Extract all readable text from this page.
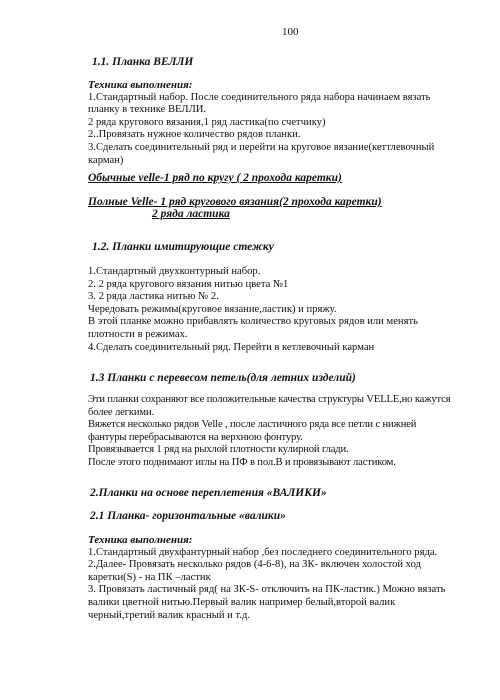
100
1.1. Планка ВЕЛЛИ
Техника выполнения:
1.Стандартный набор. После соединительного ряда набора начинаем вязать
планку в технике ВЕЛЛИ.
2 ряда кругового вязания,1 ряд ластика(по счетчику)
2..Провязать нужное количество рядов планки.
3.Сделать соединительный ряд и перейти на круговое вязание(кеттлевочный
карман)
Обычные velle-1 ряд по кругу ( 2 прохода каретки)
Полные Velle- 1 ряд кругового вязания(2 прохода каретки)
2 ряда ластика
1.2. Планки имитирующие стежку
1.Стандартный двухконтурный набор.
2. 2 ряда кругового вязания нитью цвета №1
3. 2 ряда ластика нитью № 2.
Чередовать режимы(круговое вязание,ластик) и пряжу.
В этой планке можно прибавлять количество круговых рядов или менять
плотности в режимах.
4.Сделать соединительный ряд. Перейти в кетлевочный карман
1.3 Планки с перевесом петель(для летних изделий)
Эти планки сохраняют все положительные качества структуры VELLE,но кажутся
более легкими.
Вяжется несколько рядов Velle , после ластичного ряда все петли с нижней
фантуры перебрасываются на верхнюю фонтуру.
Провязывается 1 ряд на рыхлой плотности кулирной глади.
После этого поднимают иглы на ПФ в пол.В и провязывают ластиком.
2.Планки на основе переплетения «ВАЛИКИ»
2.1 Планка- горизонтальные «валики»
Техника выполнения:
1.Стандартный двухфантурный набор ,без последнего соединительного ряда.
2.Далее- Провязать несколько рядов (4-6-8), на ЗК- включен холостой ход
каретки(S) - на ПК –ластик
3. Провязать ластичный ряд( на ЗК-S- отключить на ПК-ластик.) Можно вязать
валики цветной нитью.Первый валик например белый,второй валик
черный,третий валик красный и т.д.
